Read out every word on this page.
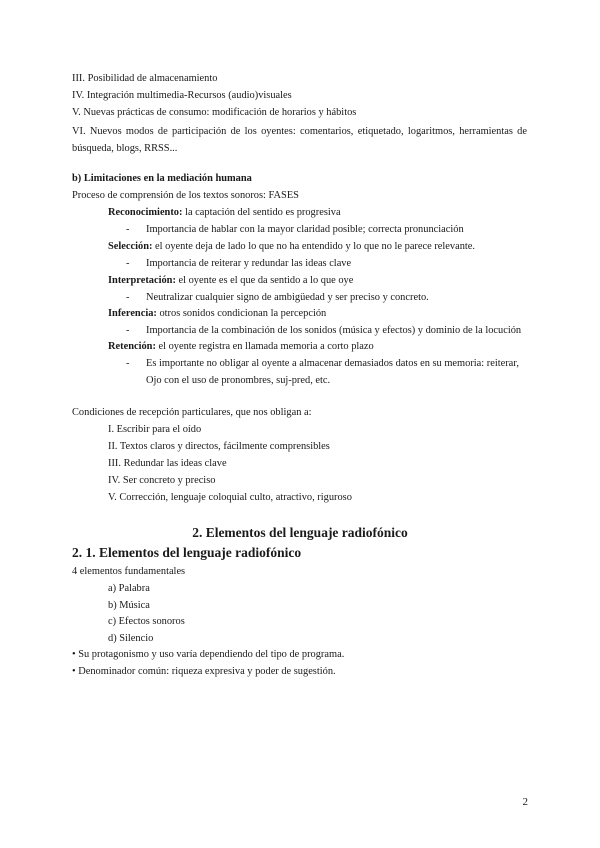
III. Posibilidad de almacenamiento
IV. Integración multimedia-Recursos (audio)visuales
V. Nuevas prácticas de consumo: modificación de horarios y hábitos
VI. Nuevos modos de participación de los oyentes: comentarios, etiquetado, logaritmos, herramientas de búsqueda, blogs, RRSS...
b) Limitaciones en la mediación humana
Proceso de comprensión de los textos sonoros: FASES
Reconocimiento: la captación del sentido es progresiva
- Importancia de hablar con la mayor claridad posible; correcta pronunciación
Selección: el oyente deja de lado lo que no ha entendido y lo que no le parece relevante.
- Importancia de reiterar y redundar las ideas clave
Interpretación: el oyente es el que da sentido a lo que oye
- Neutralizar cualquier signo de ambigüedad y ser preciso y concreto.
Inferencia: otros sonidos condicionan la percepción
- Importancia de la combinación de los sonidos (música y efectos) y dominio de la locución
Retención: el oyente registra en llamada memoria a corto plazo
- Es importante no obligar al oyente a almacenar demasiados datos en su memoria: reiterar,
Ojo con el uso de pronombres, suj-pred, etc.
Condiciones de recepción particulares, que nos obligan a:
I. Escribir para el oído
II. Textos claros y directos, fácilmente comprensibles
III. Redundar las ideas clave
IV. Ser concreto y preciso
V. Corrección, lenguaje coloquial culto, atractivo, riguroso
2. Elementos del lenguaje radiofónico
2. 1. Elementos del lenguaje radiofónico
4 elementos fundamentales
a) Palabra
b) Música
c) Efectos sonoros
d) Silencio
• Su protagonismo y uso varía dependiendo del tipo de programa.
• Denominador común: riqueza expresiva y poder de sugestión.
2
